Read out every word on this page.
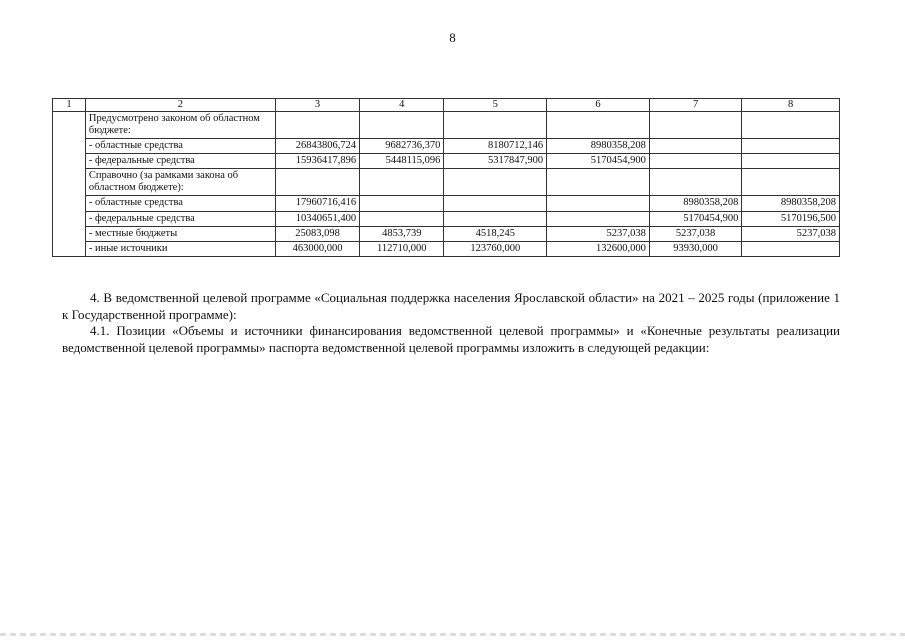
8
1	2	3	4	5	6	7	8
	Предусмотрено законом об областном бюджете:						
	- областные средства	26843806,724	9682736,370	8180712,146	8980358,208		
	- федеральные средства	15936417,896	5448115,096	5317847,900	5170454,900		
	Справочно (за рамками закона об областном бюджете):						
	- областные средства	17960716,416				8980358,208	8980358,208
	- федеральные средства	10340651,400				5170454,900	5170196,500
	- местные бюджеты	25083,098	4853,739	4518,245	5237,038	5237,038	5237,038
	- иные источники	463000,000	112710,000	123760,000	132600,000	93930,000	

4. В ведомственной целевой программе «Социальная поддержка населения Ярославской области» на 2021 – 2025 годы (приложение 1 к Государственной программе):

4.1. Позиции «Объемы и источники финансирования ведомственной целевой программы» и «Конечные результаты реализации ведомственной целевой программы» паспорта ведомственной целевой программы изложить в следующей редакции:
